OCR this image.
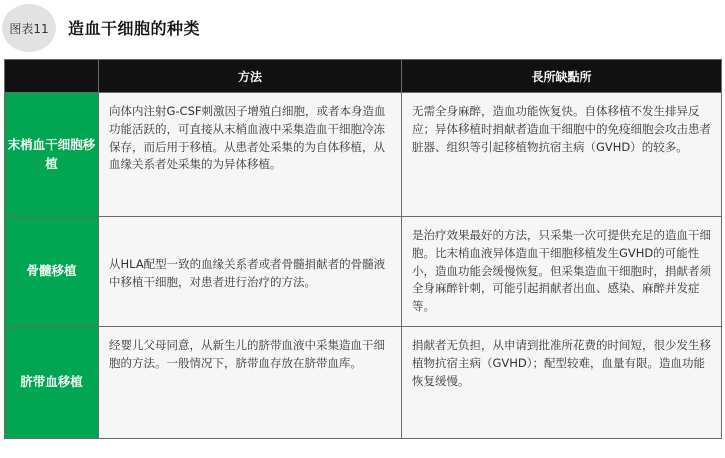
图表11	造血干细胞的种类
	方法	長所缺點所
末梢血干细胞移植	向体内注射G-CSF刺激因子增殖白细胞，或者本身造血功能活跃的，可直接从末梢血液中采集造血干细胞冷冻保存，而后用于移植。从患者处采集的为自体移植，从血缘关系者处采集的为异体移植。	无需全身麻醉，造血功能恢复快。自体移植不发生排异反应；异体移植时捐献者造血干细胞中的免疫细胞会攻击患者脏器、组织等引起移植物抗宿主病（GVHD）的较多。
骨髓移植	从HLA配型一致的血缘关系者或者骨髓捐献者的骨髓液中移植干细胞，对患者进行治疗的方法。	是治疗效果最好的方法，只采集一次可提供充足的造血干细胞。比末梢血液异体造血干细胞移植发生GVHD的可能性小，造血功能会缓慢恢复。但采集造血干细胞时，捐献者须全身麻醉针刺，可能引起捐献者出血、感染、麻醉并发症等。
脐带血移植	经婴儿父母同意，从新生儿的脐带血液中采集造血干细胞的方法。一般情况下，脐带血存放在脐带血库。	捐献者无负担，从申请到批准所花费的时间短，很少发生移植物抗宿主病（GVHD）；配型较难，血量有限。造血功能恢复缓慢。
